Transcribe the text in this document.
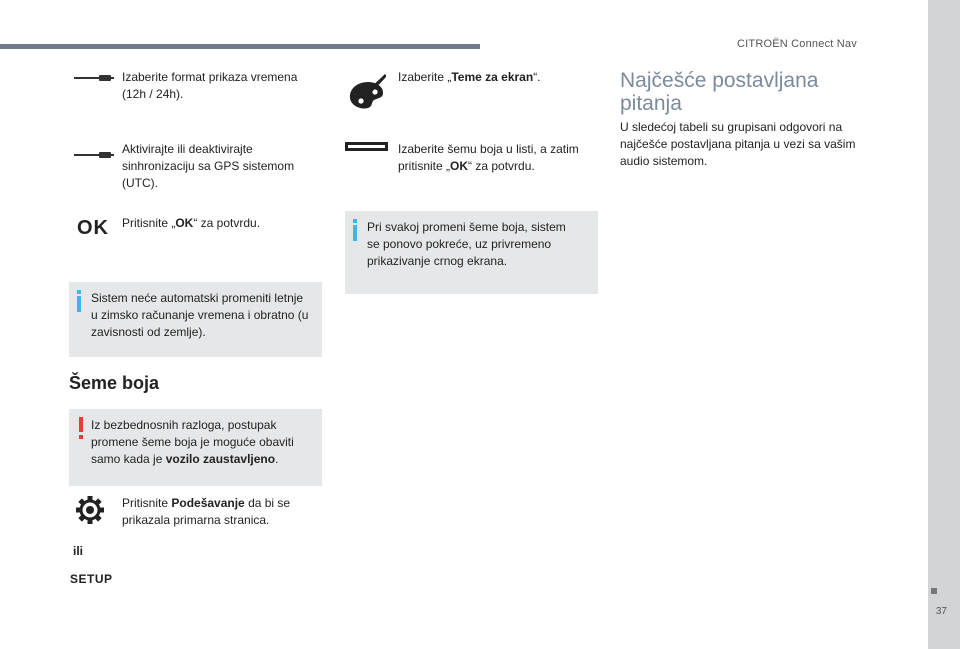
CITROËN Connect Nav
37
Izaberite format prikaza vremena (12h / 24h).
Aktivirajte ili deaktivirajte sinhronizaciju sa GPS sistemom (UTC).
OK Pritisnite „OK“ za potvrdu.
Sistem neće automatski promeniti letnje u zimsko računanje vremena i obratno (u zavisnosti od zemlje).
Šeme boja
Iz bezbednosnih razloga, postupak promene šeme boja je moguće obaviti samo kada je vozilo zaustavljeno.
Pritisnite Podešavanje da bi se prikazala primarna stranica.
ili
SETUP
Izaberite „Teme za ekran“.
Izaberite šemu boja u listi, a zatim pritisnite „OK“ za potvrdu.
Pri svakoj promeni šeme boja, sistem se ponovo pokreće, uz privremeno prikazivanje crnog ekrana.
Najčešće postavljana pitanja
U sledećoj tabeli su grupisani odgovori na najčešće postavljana pitanja u vezi sa vašim audio sistemom.
